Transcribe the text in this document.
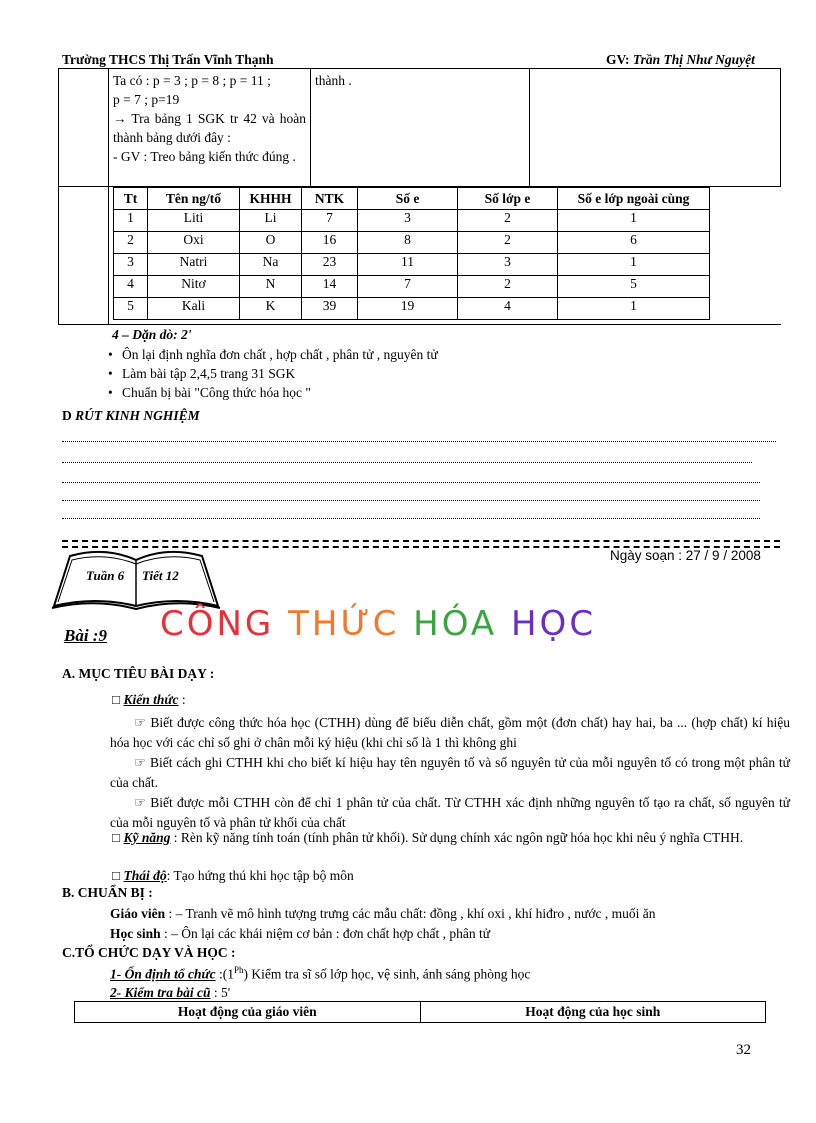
Trường THCS Thị Trấn Vĩnh Thạnh	GV: Trần Thị Như Nguyệt

Ta có : p = 3 ; p = 8 ; p = 11 ;
p = 7 ; p=19
→ Tra bảng 1 SGK tr 42 và hoàn thành bảng dưới đây :
- GV : Treo bảng kiến thức đúng .

thành .

Tt	Tên ng/tố	KHHH	NTK	Số e	Số lớp e	Số e lớp ngoài cùng
1	Liti	Li	7	3	2	1
2	Oxi	O	16	8	2	6
3	Natri	Na	23	11	3	1
4	Nitơ	N	14	7	2	5
5	Kali	K	39	19	4	1
4 – Dặn dò: 2'
• Ôn lại định nghĩa đơn chất , hợp chất , phân tử , nguyên tử
• Làm bài tập 2,4,5 trang 31 SGK
• Chuẩn bị bài "Công thức hóa học "
D RÚT KINH NGHIỆM
Ngày soạn : 27 / 9 / 2008
Tuần 6 Tiết 12
Bài :9 CÔNG THỨC HÓA HỌC
A. MỤC TIÊU BÀI DẠY :
□ Kiến thức :
☞ Biết được công thức hóa học (CTHH) dùng để biểu diễn chất, gồm một (đơn chất) hay hai, ba ... (hợp chất) kí hiệu hóa học với các chỉ số ghi ở chân mỗi ký hiệu (khi chỉ số là 1 thì không ghi
☞ Biết cách ghi CTHH khi cho biết kí hiệu hay tên nguyên tố và số nguyên tử của mỗi nguyên tố có trong một phân tử của chất.
☞ Biết được mỗi CTHH còn để chỉ 1 phân tử của chất. Từ CTHH xác định những nguyên tố tạo ra chất, số nguyên tử của mỗi nguyên tố và phân tử khối của chất
□ Kỹ năng : Rèn kỹ năng tính toán (tính phân tử khối). Sử dụng chính xác ngôn ngữ hóa học khi nêu ý nghĩa CTHH.
□ Thái độ: Tạo hứng thú khi học tập bộ môn
B. CHUẨN BỊ :
Giáo viên : – Tranh vẽ mô hình tượng trưng các mẫu chất: đồng , khí oxi , khí hiđro , nước , muối ăn
Học sinh : – Ôn lại các khái niệm cơ bản : đơn chất hợp chất , phân tử
C.TỔ CHỨC DẠY VÀ HỌC :
1- Ổn định tổ chức $:(1^{Ph})$ Kiểm tra sĩ số lớp học, vệ sinh, ánh sáng phòng học
2- Kiểm tra bài cũ : 5'
Hoạt động của giáo viên	Hoạt động của học sinh
32
